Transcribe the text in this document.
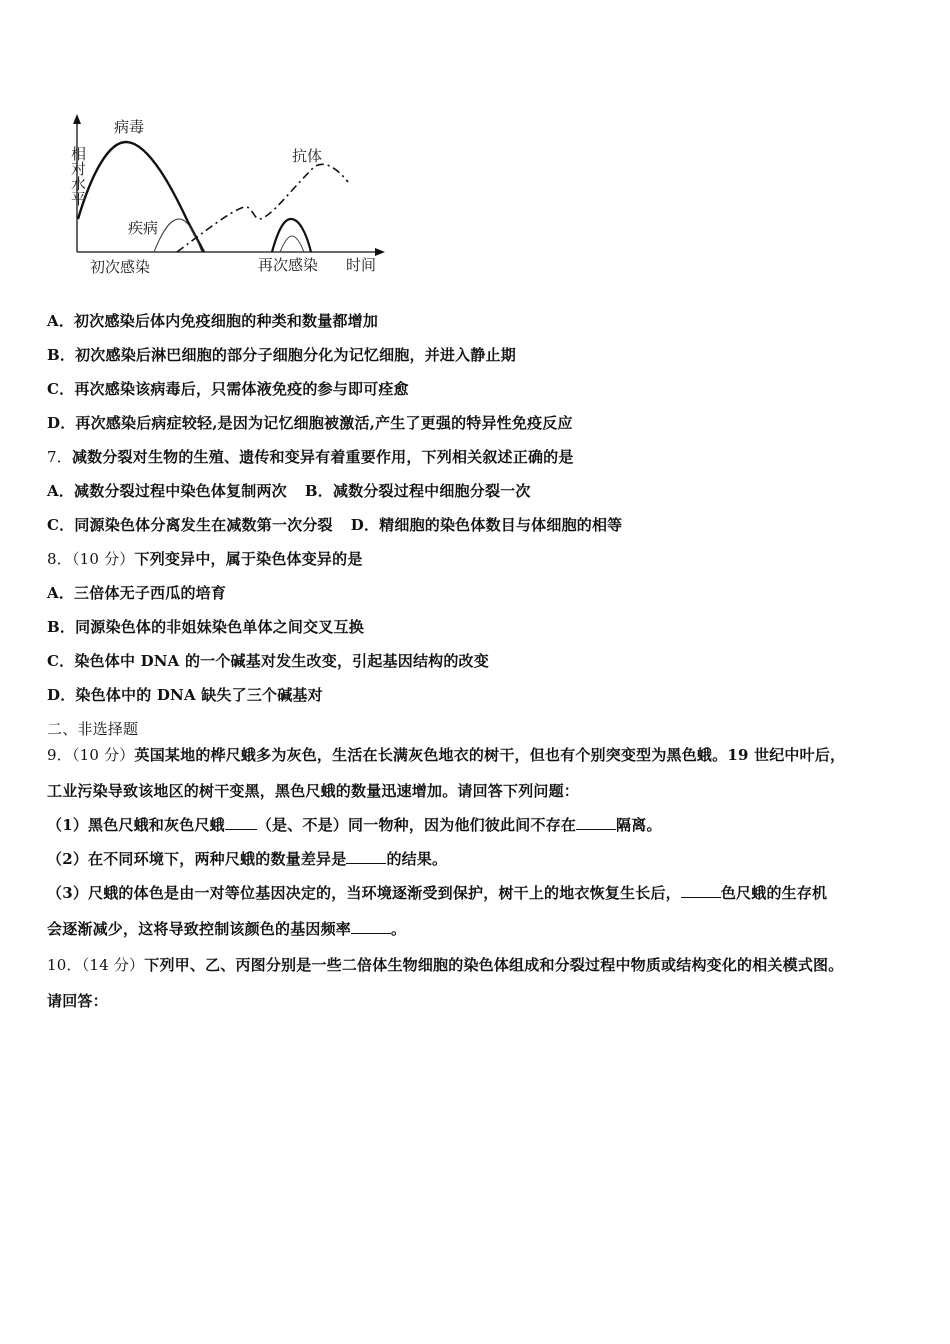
相对水平
病毒
抗体
疾病
初次感染	再次感染 时间
A．初次感染后体内免疫细胞的种类和数量都增加
B．初次感染后淋巴细胞的部分子细胞分化为记忆细胞，并进入静止期
C．再次感染该病毒后，只需体液免疫的参与即可痊愈
D．再次感染后病症较轻,是因为记忆细胞被激活,产生了更强的特异性免疫反应
7．减数分裂对生物的生殖、遗传和变异有着重要作用，下列相关叙述正确的是
A．减数分裂过程中染色体复制两次 B．减数分裂过程中细胞分裂一次
C．同源染色体分离发生在减数第一次分裂 D．精细胞的染色体数目与体细胞的相等
8．（10 分）下列变异中，属于染色体变异的是
A．三倍体无子西瓜的培育
B．同源染色体的非姐妹染色单体之间交叉互换
C．染色体中 DNA 的一个碱基对发生改变，引起基因结构的改变
D．染色体中的 DNA 缺失了三个碱基对
二、非选择题
9．（10 分）英国某地的桦尺蛾多为灰色，生活在长满灰色地衣的树干，但也有个别突变型为黑色蛾。19 世纪中叶后，
工业污染导致该地区的树干变黑，黑色尺蛾的数量迅速增加。请回答下列问题：
（1）黑色尺蛾和灰色尺蛾 （是、不是）同一物种，因为他们彼此间不存在	隔离。
（2）在不同环境下，两种尺蛾的数量差异是	的结果。
（3）尺蛾的体色是由一对等位基因决定的，当环境逐渐受到保护，树干上的地衣恢复生长后，	色尺蛾的生存机
会逐渐减少，这将导致控制该颜色的基因频率	。
10．（14 分）下列甲、乙、丙图分别是一些二倍体生物细胞的染色体组成和分裂过程中物质或结构变化的相关模式图。
请回答：
